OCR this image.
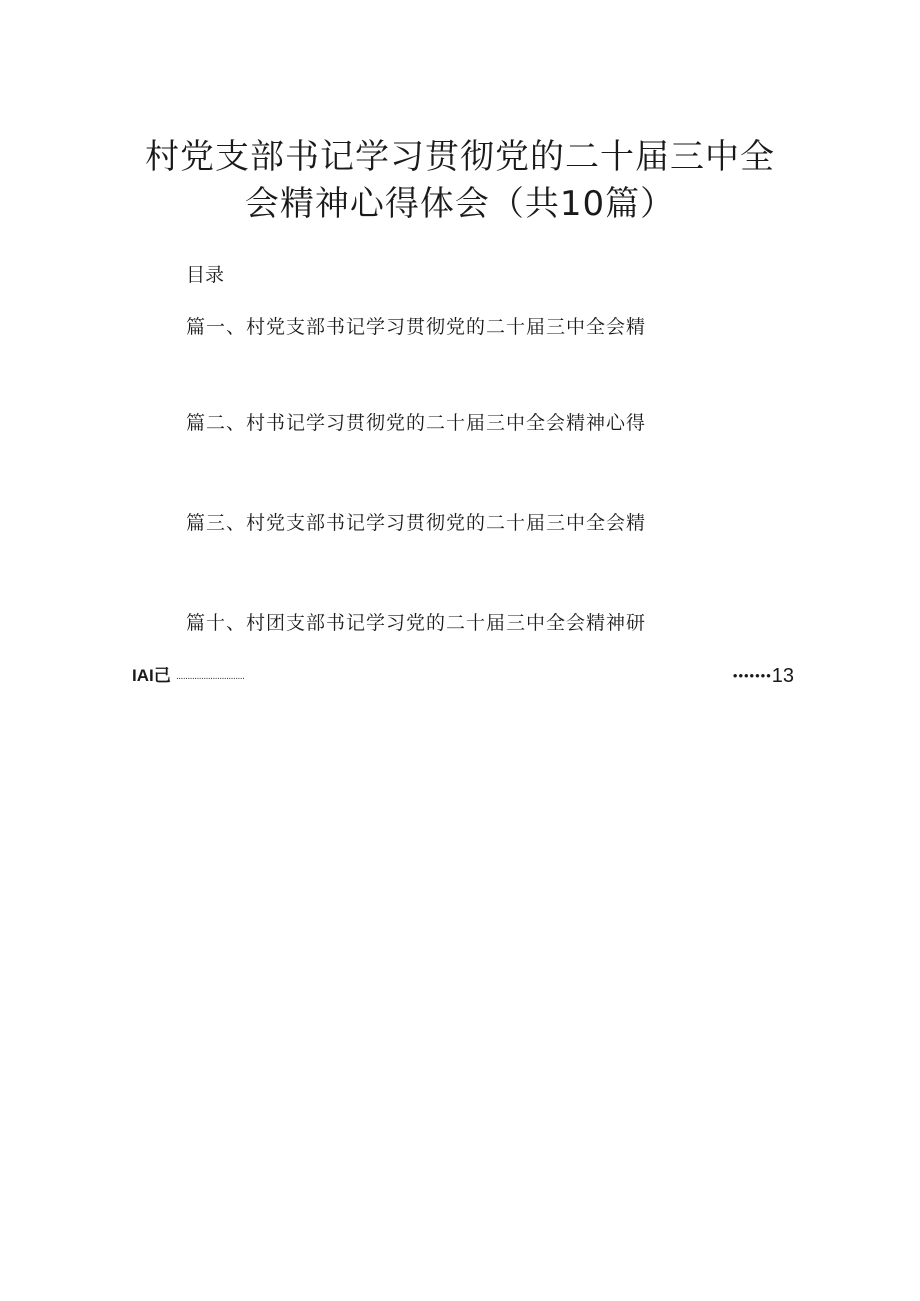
村党支部书记学习贯彻党的二十届三中全
会精神心得体会（共10篇）
目录
篇一、村党支部书记学习贯彻党的二十届三中全会精
篇二、村书记学习贯彻党的二十届三中全会精神心得
篇三、村党支部书记学习贯彻党的二十届三中全会精
篇十、村团支部书记学习党的二十届三中全会精神研
IAI己 ..............................	•••••••13
